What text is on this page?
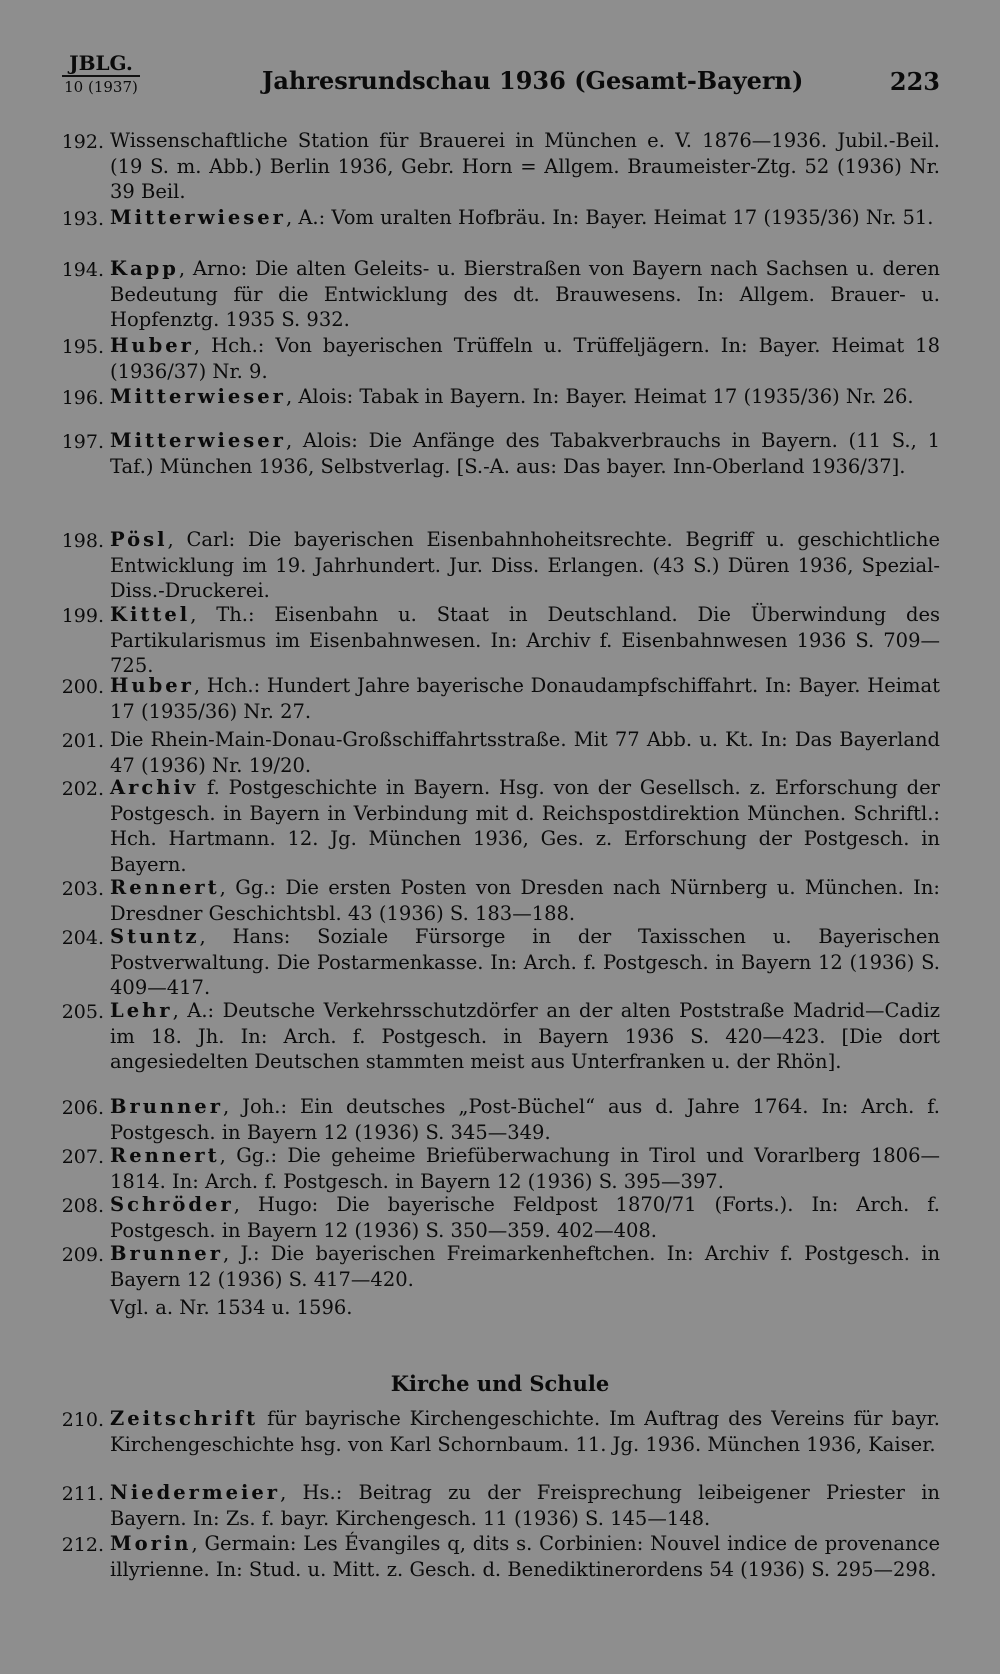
JBLG.
10 (1937)	Jahresrundschau 1936 (Gesamt-Bayern)	223
192. Wissenschaftliche Station für Brauerei in München e. V. 1876—1936. Jubil.-Beil. (19 S. m. Abb.) Berlin 1936, Gebr. Horn = Allgem. Braumeister-Ztg. 52 (1936) Nr. 39 Beil.
193. Mitterwieser, A.: Vom uralten Hofbräu. In: Bayer. Heimat 17 (1935/36) Nr. 51.
194. Kapp, Arno: Die alten Geleits- u. Bierstraßen von Bayern nach Sachsen u. deren Bedeutung für die Entwicklung des dt. Brauwesens. In: Allgem. Brauer- u. Hopfenztg. 1935 S. 932.
195. Huber, Hch.: Von bayerischen Trüffeln u. Trüffeljägern. In: Bayer. Heimat 18 (1936/37) Nr. 9.
196. Mitterwieser, Alois: Tabak in Bayern. In: Bayer. Heimat 17 (1935/36) Nr. 26.
197. Mitterwieser, Alois: Die Anfänge des Tabakverbrauchs in Bayern. (11 S., 1 Taf.) München 1936, Selbstverlag. [S.-A. aus: Das bayer. Inn-Oberland 1936/37].
198. Pösl, Carl: Die bayerischen Eisenbahnhoheitsrechte. Begriff u. geschichtliche Entwicklung im 19. Jahrhundert. Jur. Diss. Erlangen. (43 S.) Düren 1936, Spezial-Diss.-Druckerei.
199. Kittel, Th.: Eisenbahn u. Staat in Deutschland. Die Überwindung des Partikularismus im Eisenbahnwesen. In: Archiv f. Eisenbahnwesen 1936 S. 709—725.
200. Huber, Hch.: Hundert Jahre bayerische Donaudampfschiffahrt. In: Bayer. Heimat 17 (1935/36) Nr. 27.
201. Die Rhein-Main-Donau-Großschiffahrtsstraße. Mit 77 Abb. u. Kt. In: Das Bayerland 47 (1936) Nr. 19/20.
202. Archiv f. Postgeschichte in Bayern. Hsg. von der Gesellsch. z. Erforschung der Postgesch. in Bayern in Verbindung mit d. Reichspostdirektion München. Schriftl.: Hch. Hartmann. 12. Jg. München 1936, Ges. z. Erforschung der Postgesch. in Bayern.
203. Rennert, Gg.: Die ersten Posten von Dresden nach Nürnberg u. München. In: Dresdner Geschichtsbl. 43 (1936) S. 183—188.
204. Stuntz, Hans: Soziale Fürsorge in der Taxisschen u. Bayerischen Postverwaltung. Die Postarmenkasse. In: Arch. f. Postgesch. in Bayern 12 (1936) S. 409—417.
205. Lehr, A.: Deutsche Verkehrsschutzdörfer an der alten Poststraße Madrid—Cadiz im 18. Jh. In: Arch. f. Postgesch. in Bayern 1936 S. 420—423. [Die dort angesiedelten Deutschen stammten meist aus Unterfranken u. der Rhön].
206. Brunner, Joh.: Ein deutsches „Post-Büchel“ aus d. Jahre 1764. In: Arch. f. Postgesch. in Bayern 12 (1936) S. 345—349.
207. Rennert, Gg.: Die geheime Briefüberwachung in Tirol und Vorarlberg 1806—1814. In: Arch. f. Postgesch. in Bayern 12 (1936) S. 395—397.
208. Schröder, Hugo: Die bayerische Feldpost 1870/71 (Forts.). In: Arch. f. Postgesch. in Bayern 12 (1936) S. 350—359. 402—408.
209. Brunner, J.: Die bayerischen Freimarkenheftchen. In: Archiv f. Postgesch. in Bayern 12 (1936) S. 417—420.
Vgl. a. Nr. 1534 u. 1596.
Kirche und Schule
210. Zeitschrift für bayrische Kirchengeschichte. Im Auftrag des Vereins für bayr. Kirchengeschichte hsg. von Karl Schornbaum. 11. Jg. 1936. München 1936, Kaiser.
211. Niedermeier, Hs.: Beitrag zu der Freisprechung leibeigener Priester in Bayern. In: Zs. f. bayr. Kirchengesch. 11 (1936) S. 145—148.
212. Morin, Germain: Les Évangiles q, dits s. Corbinien: Nouvel indice de provenance illyrienne. In: Stud. u. Mitt. z. Gesch. d. Benediktinerordens 54 (1936) S. 295—298.
